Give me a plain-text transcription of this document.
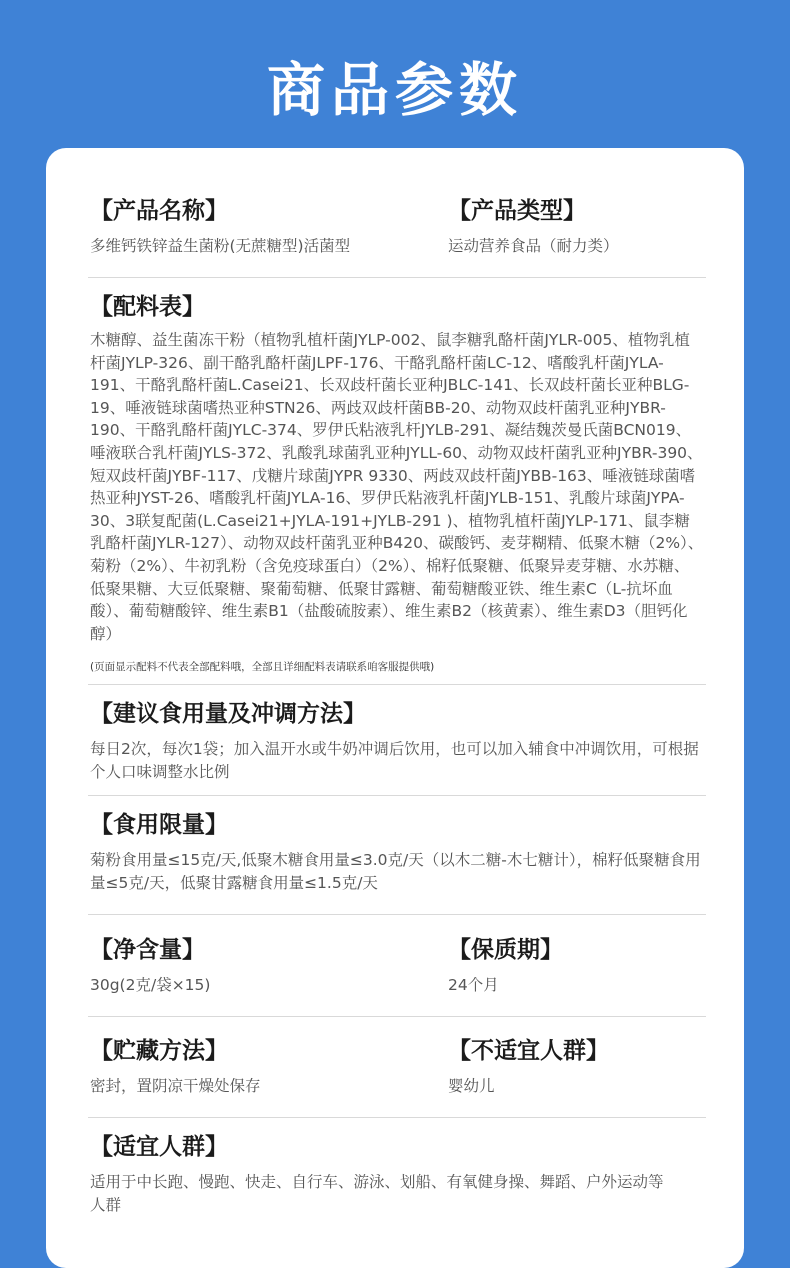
商品参数
【产品名称】
多维钙铁锌益生菌粉(无蔗糖型)活菌型
【产品类型】
运动营养食品（耐力类）
【配料表】
木糖醇、益生菌冻干粉（植物乳植杆菌JYLP-002、鼠李糖乳酪杆菌JYLR-005、植物乳植杆菌JYLP-326、副干酪乳酪杆菌JLPF-176、干酪乳酪杆菌LC-12、嗜酸乳杆菌JYLA-191、干酪乳酪杆菌L.Casei21、长双歧杆菌长亚种JBLC-141、长双歧杆菌长亚种BLG-19、唾液链球菌嗜热亚种STN26、两歧双歧杆菌BB-20、动物双歧杆菌乳亚种JYBR-190、干酪乳酪杆菌JYLC-374、罗伊氏粘液乳杆JYLB-291、凝结魏茨曼氏菌BCN019、唾液联合乳杆菌JYLS-372、乳酸乳球菌乳亚种JYLL-60、动物双歧杆菌乳亚种JYBR-390、短双歧杆菌JYBF-117、戊糖片球菌JYPR 9330、两歧双歧杆菌JYBB-163、唾液链球菌嗜热亚种JYST-26、嗜酸乳杆菌JYLA-16、罗伊氏粘液乳杆菌JYLB-151、乳酸片球菌JYPA-30、3联复配菌(L.Casei21+JYLA-191+JYLB-291 )、植物乳植杆菌JYLP-171、鼠李糖乳酪杆菌JYLR-127）、动物双歧杆菌乳亚种B420、碳酸钙、麦芽糊精、低聚木糖（2%）、菊粉（2%）、牛初乳粉（含免疫球蛋白）（2%）、棉籽低聚糖、低聚异麦芽糖、水苏糖、低聚果糖、大豆低聚糖、聚葡萄糖、低聚甘露糖、葡萄糖酸亚铁、维生素C（L-抗坏血酸）、葡萄糖酸锌、维生素B1（盐酸硫胺素）、维生素B2（核黄素）、维生素D3（胆钙化醇）
(页面显示配料不代表全部配料哦，全部且详细配料表请联系咱客服提供哦)
【建议食用量及冲调方法】
每日2次，每次1袋；加入温开水或牛奶冲调后饮用，也可以加入辅食中冲调饮用，可根据个人口味调整水比例
【食用限量】
菊粉食用量≤15克/天,低聚木糖食用量≤3.0克/天（以木二糖-木七糖计），棉籽低聚糖食用量≤5克/天，低聚甘露糖食用量≤1.5克/天
【净含量】
30g(2克/袋×15)
【保质期】
24个月
【贮藏方法】
密封，置阴凉干燥处保存
【不适宜人群】
婴幼儿
【适宜人群】
适用于中长跑、慢跑、快走、自行车、游泳、划船、有氧健身操、舞蹈、户外运动等人群
